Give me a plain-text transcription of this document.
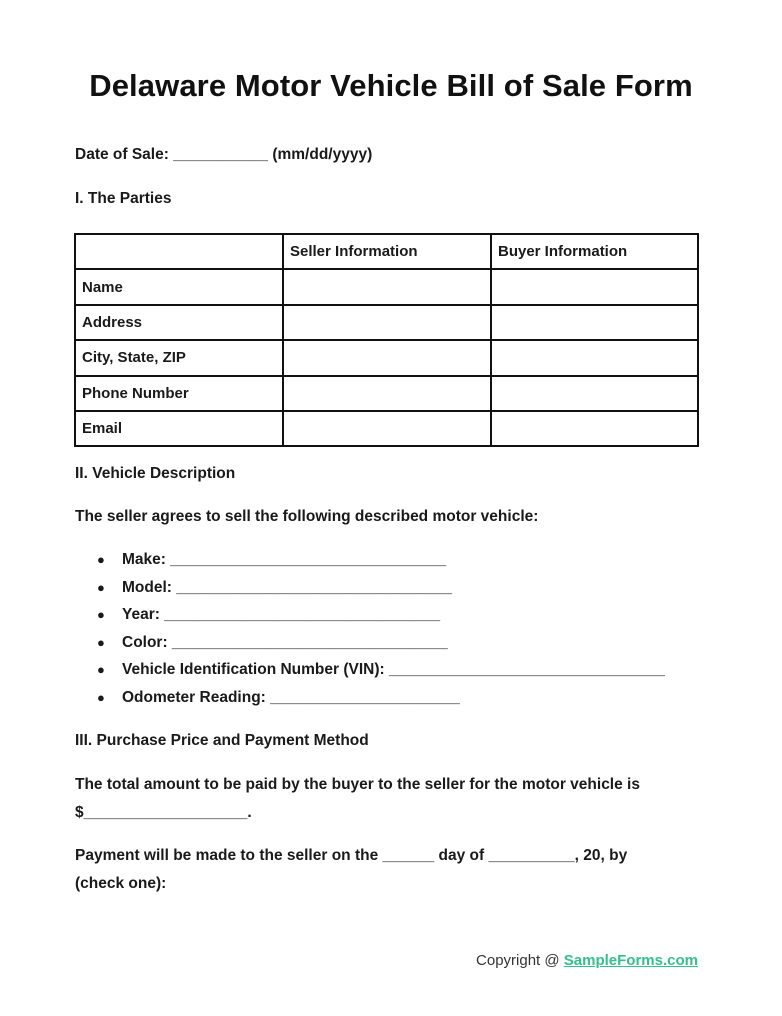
Delaware Motor Vehicle Bill of Sale Form
Date of Sale: ___________ (mm/dd/yyyy)
I. The Parties
	Seller Information	Buyer Information
Name		
Address		
City, State, ZIP		
Phone Number		
Email		
II. Vehicle Description
The seller agrees to sell the following described motor vehicle:
● Make: ________________________________
● Model: ________________________________
● Year: ________________________________
● Color: ________________________________
● Vehicle Identification Number (VIN): ________________________________
● Odometer Reading: ______________________
III. Purchase Price and Payment Method
The total amount to be paid by the buyer to the seller for the motor vehicle is
$___________________.
Payment will be made to the seller on the ______ day of __________, 20, by
(check one):
Copyright @ SampleForms.com
